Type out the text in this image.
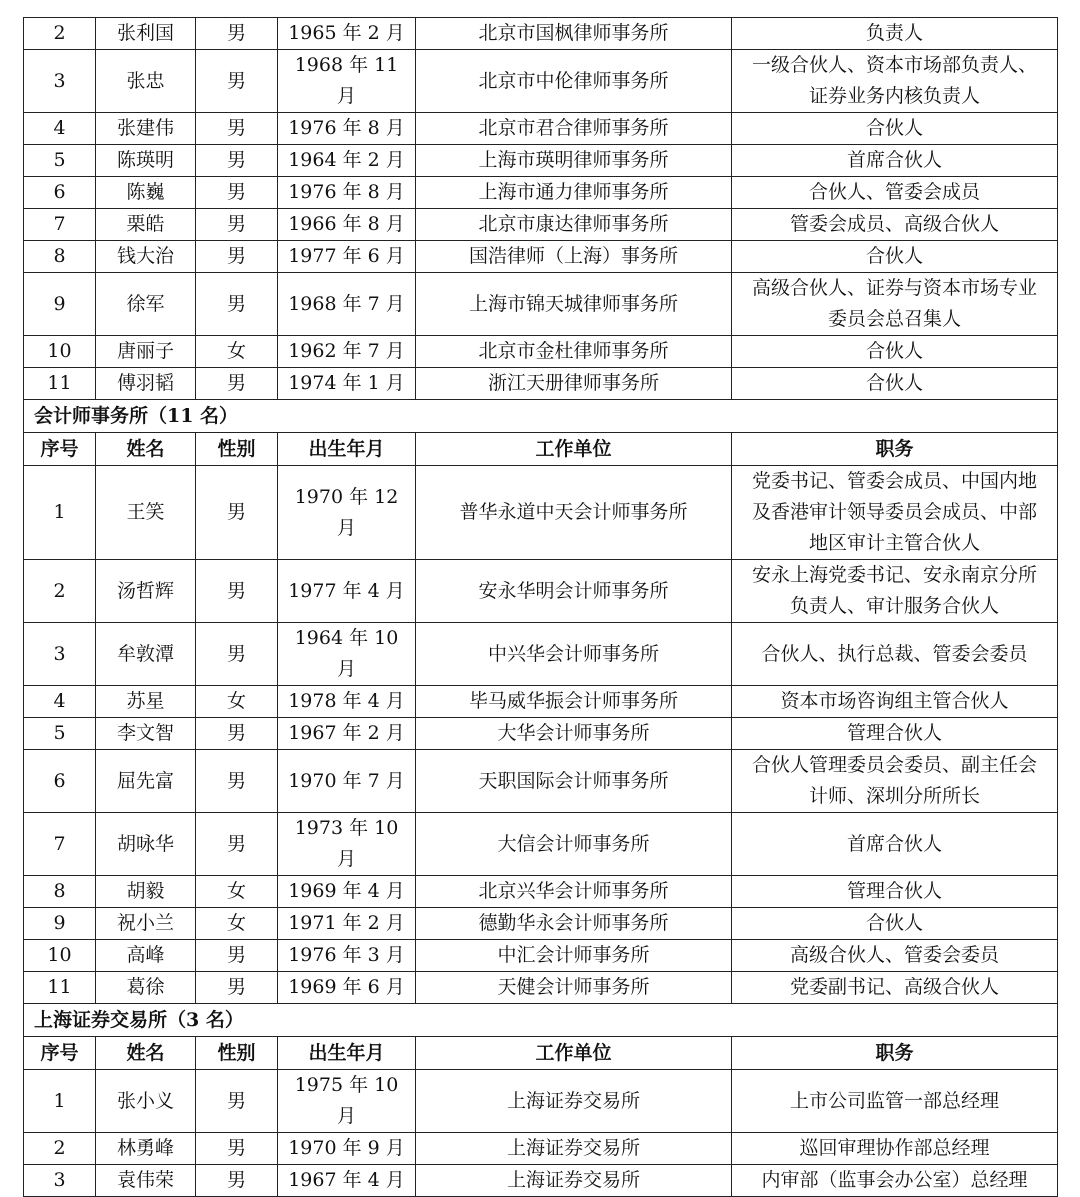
2	张利国	男	1965 年 2 月	北京市国枫律师事务所	负责人

3	张忠	男	1968 年 11 月	北京市中伦律师事务所	一级合伙人、资本市场部负责人、
证券业务内核负责人

4	张建伟	男	1976 年 8 月	北京市君合律师事务所	合伙人

5	陈瑛明	男	1964 年 2 月	上海市瑛明律师事务所	首席合伙人

6	陈巍	男	1976 年 8 月	上海市通力律师事务所	合伙人、管委会成员

7	栗皓	男	1966 年 8 月	北京市康达律师事务所	管委会成员、高级合伙人

8	钱大治	男	1977 年 6 月	国浩律师（上海）事务所	合伙人

9	徐军	男	1968 年 7 月	上海市锦天城律师事务所	高级合伙人、证券与资本市场专业
委员会总召集人

10	唐丽子	女	1962 年 7 月	北京市金杜律师事务所	合伙人

11	傅羽韬	男	1974 年 1 月	浙江天册律师事务所	合伙人

会计师事务所（11 名）					
序号	姓名	性别	出生年月	工作单位	职务
1	王笑	男	1970 年 12 月	普华永道中天会计师事务所	党委书记、管委会成员、中国内地
及香港审计领导委员会成员、中部
地区审计主管合伙人

2	汤哲辉	男	1977 年 4 月	安永华明会计师事务所	安永上海党委书记、安永南京分所
负责人、审计服务合伙人

3	牟敦潭	男	1964 年 10 月	中兴华会计师事务所	合伙人、执行总裁、管委会委员

4	苏星	女	1978 年 4 月	毕马威华振会计师事务所	资本市场咨询组主管合伙人

5	李文智	男	1967 年 2 月	大华会计师事务所	管理合伙人

6	屈先富	男	1970 年 7 月	天职国际会计师事务所	合伙人管理委员会委员、副主任会
计师、深圳分所所长

7	胡咏华	男	1973 年 10 月	大信会计师事务所	首席合伙人

8	胡毅	女	1969 年 4 月	北京兴华会计师事务所	管理合伙人

9	祝小兰	女	1971 年 2 月	德勤华永会计师事务所	合伙人

10	高峰	男	1976 年 3 月	中汇会计师事务所	高级合伙人、管委会委员

11	葛徐	男	1969 年 6 月	天健会计师事务所	党委副书记、高级合伙人

上海证券交易所（3 名）					
序号	姓名	性别	出生年月	工作单位	职务
1	张小义	男	1975 年 10 月	上海证券交易所	上市公司监管一部总经理

2	林勇峰	男	1970 年 9 月	上海证券交易所	巡回审理协作部总经理

3	袁伟荣	男	1967 年 4 月	上海证券交易所	内审部（监事会办公室）总经理
